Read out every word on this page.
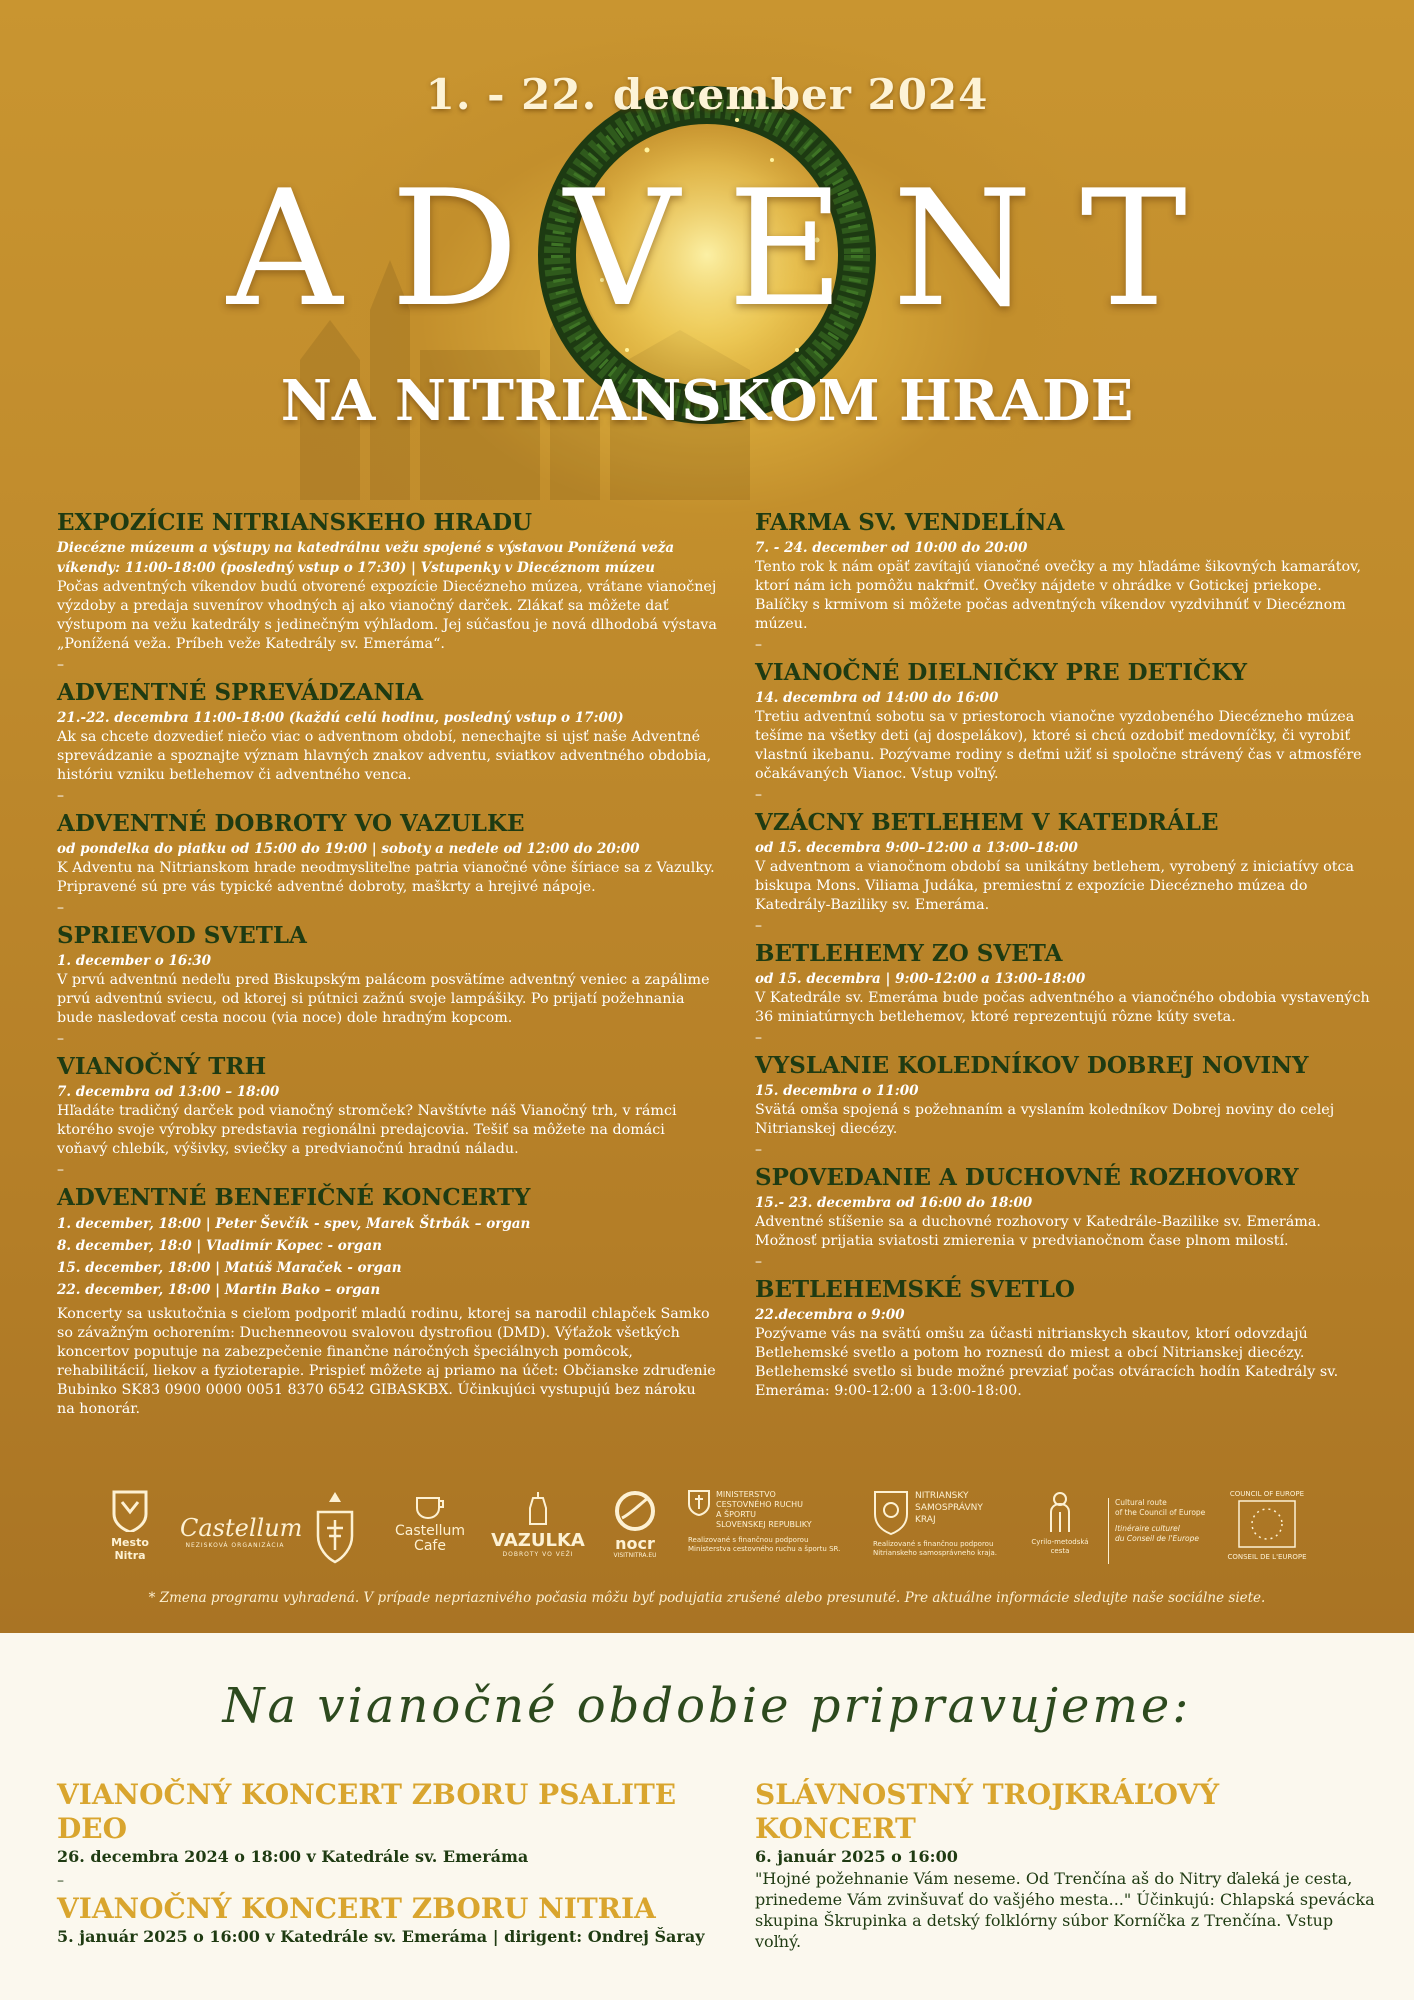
1. - 22. december 2024
ADVENT
NA NITRIANSKOM HRADE
EXPOZÍCIE NITRIANSKEHO HRADU
Diecézne múzeum a výstupy na katedrálnu vežu spojené s výstavou Ponížená veža víkendy: 11:00-18:00 (posledný vstup o 17:30) | Vstupenky v Diecéznom múzeu
Počas adventných víkendov budú otvorené expozície Diecézneho múzea, vrátane vianočnej výzdoby a predaja suvenírov vhodných aj ako vianočný darček. Zlákať sa môžete dať výstupom na vežu katedrály s jedinečným výhľadom. Jej súčasťou je nová dlhodobá výstava „Ponížená veža. Príbeh veže Katedrály sv. Emeráma“.
–
ADVENTNÉ SPREVÁDZANIA
21.-22. decembra 11:00-18:00 (každú celú hodinu, posledný vstup o 17:00)
Ak sa chcete dozvedieť niečo viac o adventnom období, nenechajte si ujsť naše Adventné sprevádzanie a spoznajte význam hlavných znakov adventu, sviatkov adventného obdobia, históriu vzniku betlehemov či adventného venca.
–
ADVENTNÉ DOBROTY VO VAZULKE
od pondelka do piatku od 15:00 do 19:00 | soboty a nedele od 12:00 do 20:00
K Adventu na Nitrianskom hrade neodmysliteľne patria vianočné vône šíriace sa z Vazulky. Pripravené sú pre vás typické adventné dobroty, maškrty a hrejivé nápoje.
–
SPRIEVOD SVETLA
1. december o 16:30
V prvú adventnú nedeľu pred Biskupským palácom posvätíme adventný veniec a zapálime prvú adventnú sviecu, od ktorej si pútnici zažnú svoje lampášiky. Po prijatí požehnania bude nasledovať cesta nocou (via noce) dole hradným kopcom.
–
VIANOČNÝ TRH
7. decembra od 13:00 – 18:00
Hľadáte tradičný darček pod vianočný stromček? Navštívte náš Vianočný trh, v rámci ktorého svoje výrobky predstavia regionálni predajcovia. Tešiť sa môžete na domáci voňavý chlebík, výšivky, sviečky a predvianočnú hradnú náladu.
–
ADVENTNÉ BENEFIČNÉ KONCERTY
1. december, 18:00 | Peter Ševčík - spev, Marek Štrbák – organ
8. december, 18:0 | Vladimír Kopec - organ
15. december, 18:00 | Matúš Maraček - organ
22. december, 18:00 | Martin Bako – organ
Koncerty sa uskutočnia s cieľom podporiť mladú rodinu, ktorej sa narodil chlapček Samko so závažným ochorením: Duchenneovou svalovou dystrofiou (DMD). Výťažok všetkých koncertov poputuje na zabezpečenie finančne náročných špeciálnych pomôcok, rehabilitácií, liekov a fyzioterapie. Prispieť môžete aj priamo na účet: Občianske zdruďenie Bubinko SK83 0900 0000 0051 8370 6542 GIBASKBX. Účinkujúci vystupujú bez nároku na honorár.
FARMA SV. VENDELÍNA
7. - 24. december od 10:00 do 20:00
Tento rok k nám opäť zavítajú vianočné ovečky a my hľadáme šikovných kamarátov, ktorí nám ich pomôžu nakŕmiť. Ovečky nájdete v ohrádke v Gotickej priekope. Balíčky s krmivom si môžete počas adventných víkendov vyzdvihnúť v Diecéznom múzeu.
–
VIANOČNÉ DIELNIČKY PRE DETIČKY
14. decembra od 14:00 do 16:00
Tretiu adventnú sobotu sa v priestoroch vianočne vyzdobeného Diecézneho múzea tešíme na všetky deti (aj dospelákov), ktoré si chcú ozdobiť medovníčky, či vyrobiť vlastnú ikebanu. Pozývame rodiny s deťmi užiť si spoločne strávený čas v atmosfére očakávaných Vianoc. Vstup voľný.
–
VZÁCNY BETLEHEM V KATEDRÁLE
od 15. decembra 9:00–12:00 a 13:00–18:00
V adventnom a vianočnom období sa unikátny betlehem, vyrobený z iniciatívy otca biskupa Mons. Viliama Judáka, premiestní z expozície Diecézneho múzea do Katedrály-Baziliky sv. Emeráma.
–
BETLEHEMY ZO SVETA
od 15. decembra | 9:00-12:00 a 13:00-18:00
V Katedrále sv. Emeráma bude počas adventného a vianočného obdobia vystavených 36 miniatúrnych betlehemov, ktoré reprezentujú rôzne kúty sveta.
–
VYSLANIE KOLEDNÍKOV DOBREJ NOVINY
15. decembra o 11:00
Svätá omša spojená s požehnaním a vyslaním koledníkov Dobrej noviny do celej Nitrianskej diecézy.
–
SPOVEDANIE A DUCHOVNÉ ROZHOVORY
15.- 23. decembra od 16:00 do 18:00
Adventné stíšenie sa a duchovné rozhovory v Katedrále-Bazilike sv. Emeráma. Možnosť prijatia sviatosti zmierenia v predvianočnom čase plnom milostí.
–
BETLEHEMSKÉ SVETLO
22.decembra o 9:00
Pozývame vás na svätú omšu za účasti nitrianskych skautov, ktorí odovzdajú Betlehemské svetlo a potom ho roznesú do miest a obcí Nitrianskej diecézy. Betlehemské svetlo si bude možné prevziať počas otváracích hodín Katedrály sv. Emeráma: 9:00-12:00 a 13:00-18:00.
Mesto
Nitra
Castellum
NEZISKOVÁ ORGANIZÁCIA
Castellum
Cafe	VAZULKA
DOBROTY VO VEŽI
nocr
VISITNITRA.EU
MINISTERSTVO
CESTOVNÉHO RUCHU
A ŠPORTU
SLOVENSKEJ REPUBLIKY
Realizované s finančnou podporou
Ministerstva cestovného ruchu a športu SR.
NITRIANSKY
SAMOSPRÁVNY
KRAJ
Realizované s finančnou podporou
Nitrianskeho samosprávneho kraja.
Cyrilo-metodská
cesta
Cultural route
of the Council of Europe
Itinéraire culturel
du Conseil de l'Europe
COUNCIL OF EUROPE
CONSEIL DE L'EUROPE
* Zmena programu vyhradená. V prípade nepriaznivého počasia môžu byť podujatia zrušené alebo presunuté. Pre aktuálne informácie sledujte naše sociálne siete.
Na vianočné obdobie pripravujeme:
VIANOČNÝ KONCERT ZBORU PSALITE DEO
26. decembra 2024 o 18:00 v Katedrále sv. Emeráma
–
VIANOČNÝ KONCERT ZBORU NITRIA
5. január 2025 o 16:00 v Katedrále sv. Emeráma | dirigent: Ondrej Šaray
SLÁVNOSTNÝ TROJKRÁĽOVÝ KONCERT
6. január 2025 o 16:00
"Hojné požehnanie Vám neseme. Od Trenčína aš do Nitry ďaleká je cesta, prinedeme Vám zvinšuvať do vašjého mesta..." Účinkujú: Chlapská spevácka skupina Škrupinka a detský folklórny súbor Korníčka z Trenčína. Vstup voľný.
